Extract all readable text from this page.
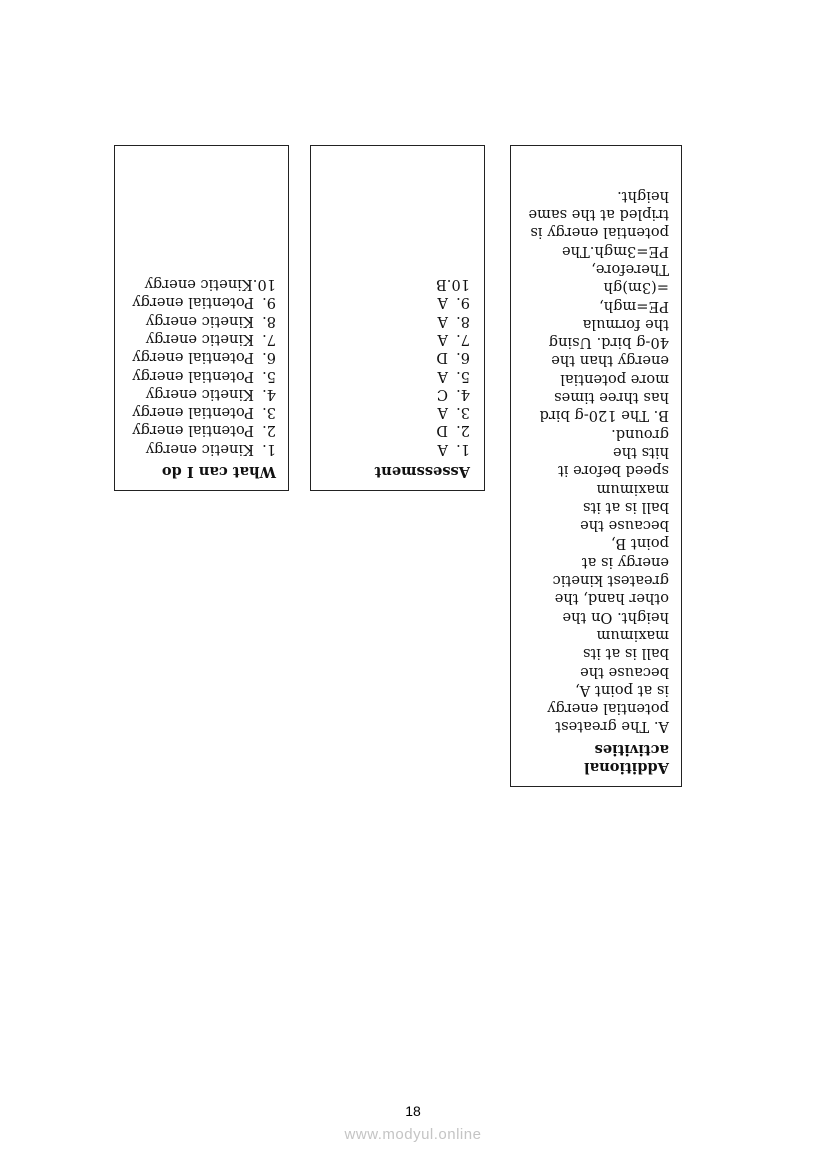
What can I do
1.
Kinetic energy
2.
Potential energy
3.
Potential energy
4.
Kinetic energy
5.
Potential energy
6.
Potential energy
7.
Kinetic energy
8.
Kinetic energy
9.
Potential energy
10.
Kinetic energy
Assessment
1.
A
2.
D
3.
A
4.
C
5.
A
6.
D
7.
A
8.
A
9.
A
10.
B
Additional
activities
A. The greatest
potential energy
is at point A,
because the
ball is at its
maximum
height. On the
other hand, the
greatest kinetic
energy is at
point B,
because the
ball is at its
maximum
speed before it
hits the
ground.
B. The 120-g bird
has three times
more potential
energy than the
40-g bird. Using
the formula
PE=mgh,
=(3m)gh
Therefore,
PE=3mgh.The
potential energy is
tripled at the same
height.
18
www.modyul.online
